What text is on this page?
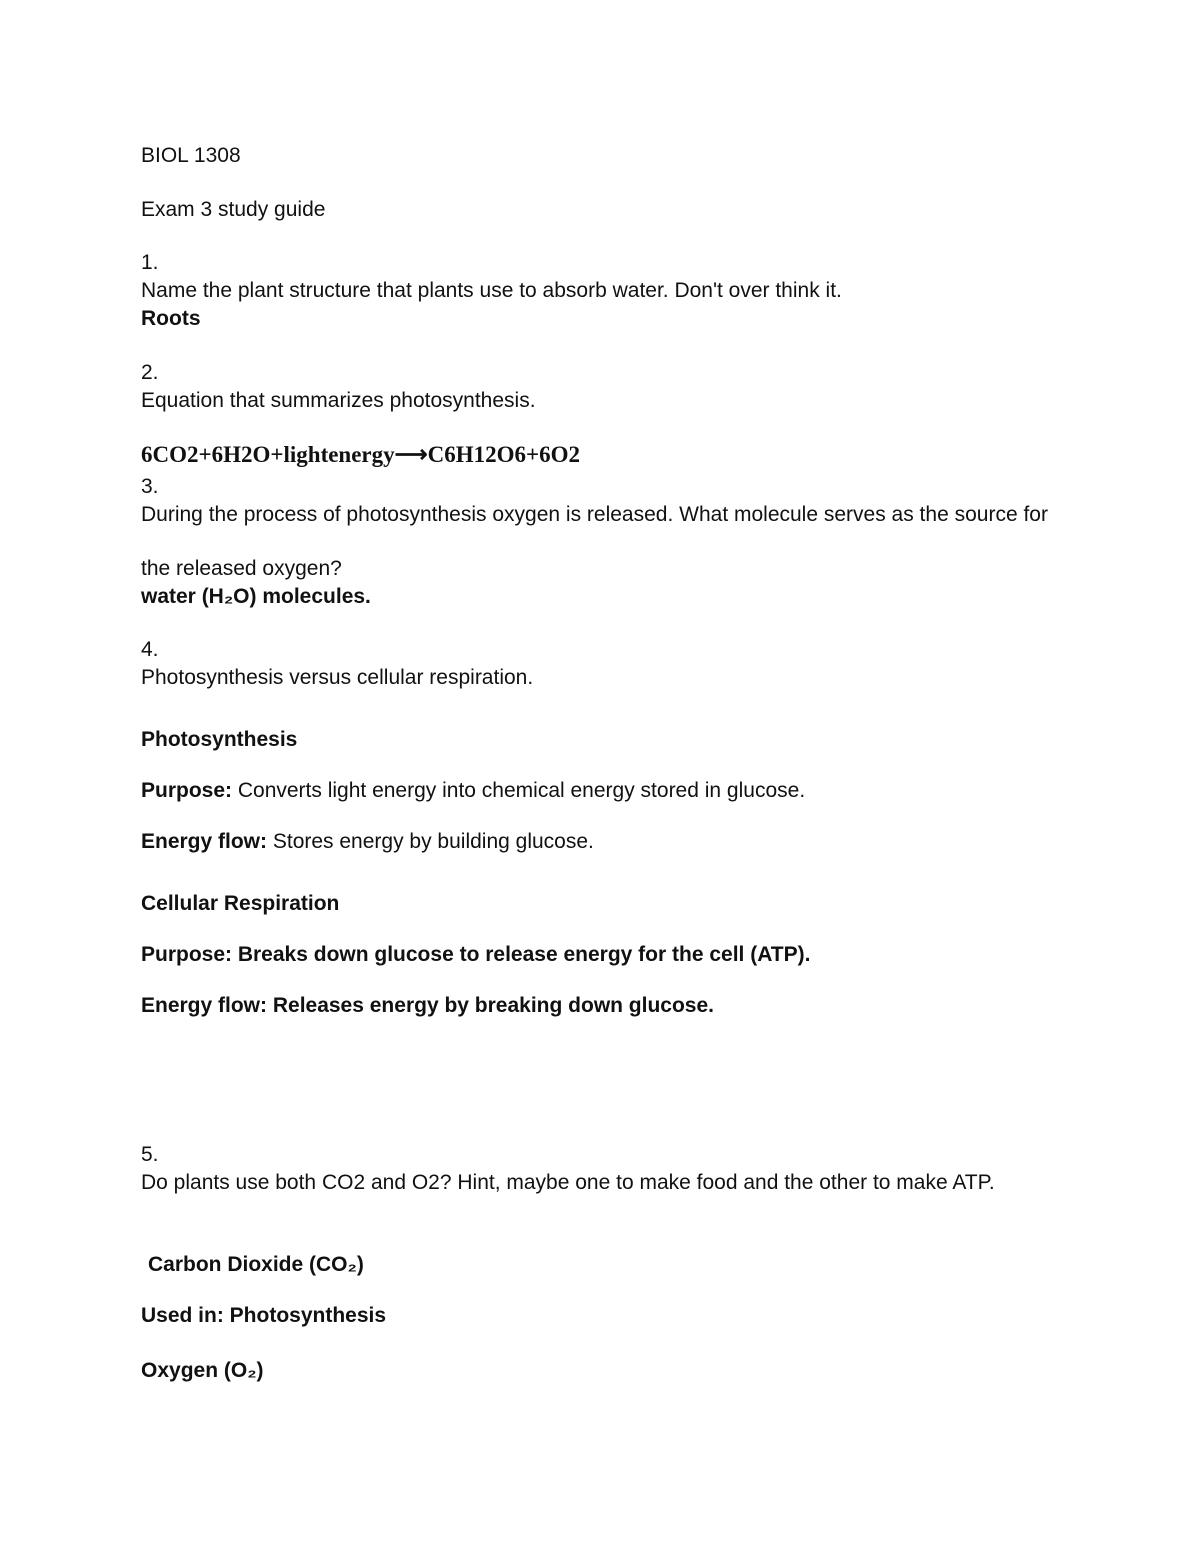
BIOL 1308
Exam 3 study guide
1.
Name the plant structure that plants use to absorb water. Don't over think it.
Roots
2.
Equation that summarizes photosynthesis.
6CO2+6H2O+lightenergy⟶C6H12O6+6O2
3.
During the process of photosynthesis oxygen is released. What molecule serves as the source for
the released oxygen?
water (H₂O) molecules.
4.
Photosynthesis versus cellular respiration.
Photosynthesis
Purpose: Converts light energy into chemical energy stored in glucose.
Energy flow: Stores energy by building glucose.
Cellular Respiration
Purpose: Breaks down glucose to release energy for the cell (ATP).
Energy flow: Releases energy by breaking down glucose.
5.
Do plants use both CO2 and O2? Hint, maybe one to make food and the other to make ATP.
Carbon Dioxide (CO₂)
Used in: Photosynthesis
Oxygen (O₂)
